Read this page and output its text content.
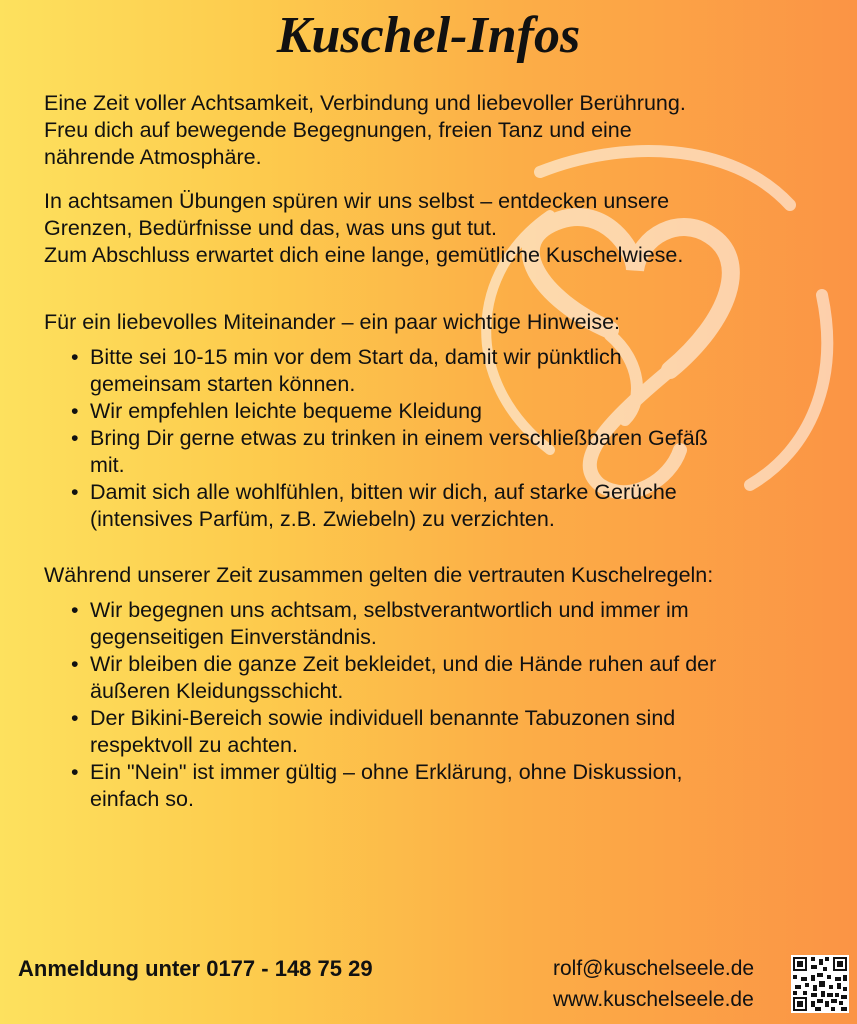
Kuschel-Infos

Eine Zeit voller Achtsamkeit, Verbindung und liebevoller Berührung.
Freu dich auf bewegende Begegnungen, freien Tanz und eine
nährende Atmosphäre.

In achtsamen Übungen spüren wir uns selbst – entdecken unsere
Grenzen, Bedürfnisse und das, was uns gut tut.
Zum Abschluss erwartet dich eine lange, gemütliche Kuschelwiese.

Für ein liebevolles Miteinander – ein paar wichtige Hinweise:

• Bitte sei 10-15 min vor dem Start da, damit wir pünktlich
gemeinsam starten können.
• Wir empfehlen leichte bequeme Kleidung
• Bring Dir gerne etwas zu trinken in einem verschließbaren Gefäß
mit.
• Damit sich alle wohlfühlen, bitten wir dich, auf starke Gerüche
(intensives Parfüm, z.B. Zwiebeln) zu verzichten.

Während unserer Zeit zusammen gelten die vertrauten Kuschelregeln:

• Wir begegnen uns achtsam, selbstverantwortlich und immer im
gegenseitigen Einverständnis.
• Wir bleiben die ganze Zeit bekleidet, und die Hände ruhen auf der
äußeren Kleidungsschicht.
• Der Bikini-Bereich sowie individuell benannte Tabuzonen sind
respektvoll zu achten.
• Ein "Nein" ist immer gültig – ohne Erklärung, ohne Diskussion,
einfach so.
Anmeldung unter 0177 - 148 75 29	rolf@kuschelseele.de
www.kuschelseele.de
